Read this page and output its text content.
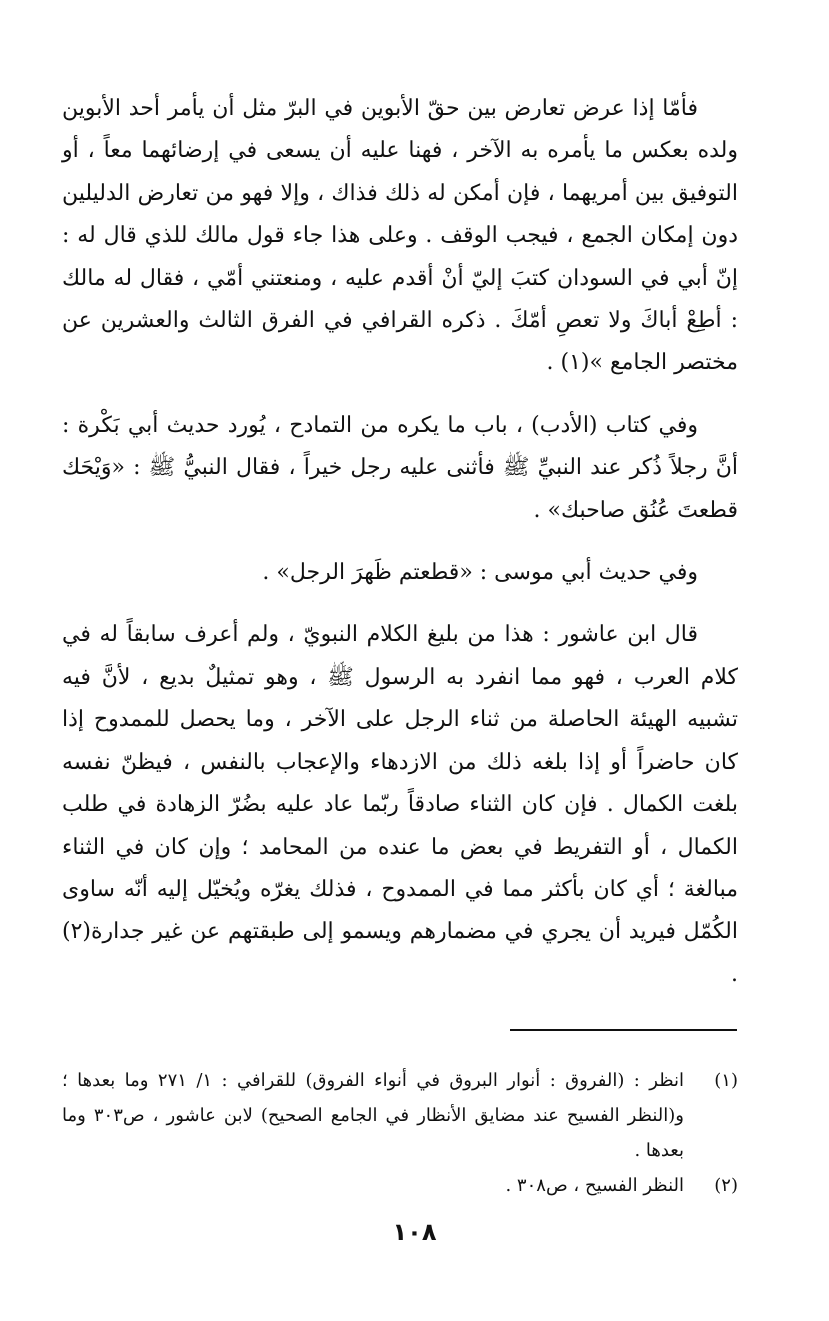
فأمّا إذا عرض تعارض بين حقّ الأبوين في البرّ مثل أن يأمر أحد الأبوين ولده بعكس ما يأمره به الآخر ، فهنا عليه أن يسعى في إرضائهما معاً ، أو التوفيق بين أمريهما ، فإن أمكن له ذلك فذاك ، وإلا فهو من تعارض الدليلين دون إمكان الجمع ، فيجب الوقف . وعلى هذا جاء قول مالك للذي قال له : إنّ أبي في السودان كتبَ إليّ أنْ أقدم عليه ، ومنعتني أمّي ، فقال له مالك : أطِعْ أباكَ ولا تعصِ أمّكَ . ذكره القرافي في الفرق الثالث والعشرين عن مختصر الجامع »(١) .

وفي كتاب (الأدب) ، باب ما يكره من التمادح ، يُورد حديث أبي بَكْرة : أنَّ رجلاً ذُكر عند النبيِّ ﷺ فأثنى عليه رجل خيراً ، فقال النبيُّ ﷺ : «وَيْحَك قطعتَ عُنُق صاحبك» .

وفي حديث أبي موسى : «قطعتم ظَهرَ الرجل» .

قال ابن عاشور : هذا من بليغ الكلام النبويّ ، ولم أعرف سابقاً له في كلام العرب ، فهو مما انفرد به الرسول ﷺ ، وهو تمثيلٌ بديع ، لأنَّ فيه تشبيه الهيئة الحاصلة من ثناء الرجل على الآخر ، وما يحصل للممدوح إذا كان حاضراً أو إذا بلغه ذلك من الازدهاء والإعجاب بالنفس ، فيظنّ نفسه بلغت الكمال . فإن كان الثناء صادقاً ربّما عاد عليه بضُرّ الزهادة في طلب الكمال ، أو التفريط في بعض ما عنده من المحامد ؛ وإن كان في الثناء مبالغة ؛ أي كان بأكثر مما في الممدوح ، فذلك يغرّه ويُخيّل إليه أنّه ساوى الكُمّل فيريد أن يجري في مضمارهم ويسمو إلى طبقتهم عن غير جدارة(٢) .

(١)
انظر : (الفروق : أنوار البروق في أنواء الفروق) للقرافي : ١/ ٢٧١ وما بعدها ؛ و(النظر الفسيح عند مضايق الأنظار في الجامع الصحيح) لابن عاشور ، ص٣٠٣ وما بعدها .
(٢)
النظر الفسيح ، ص٣٠٨ .
١٠٨
